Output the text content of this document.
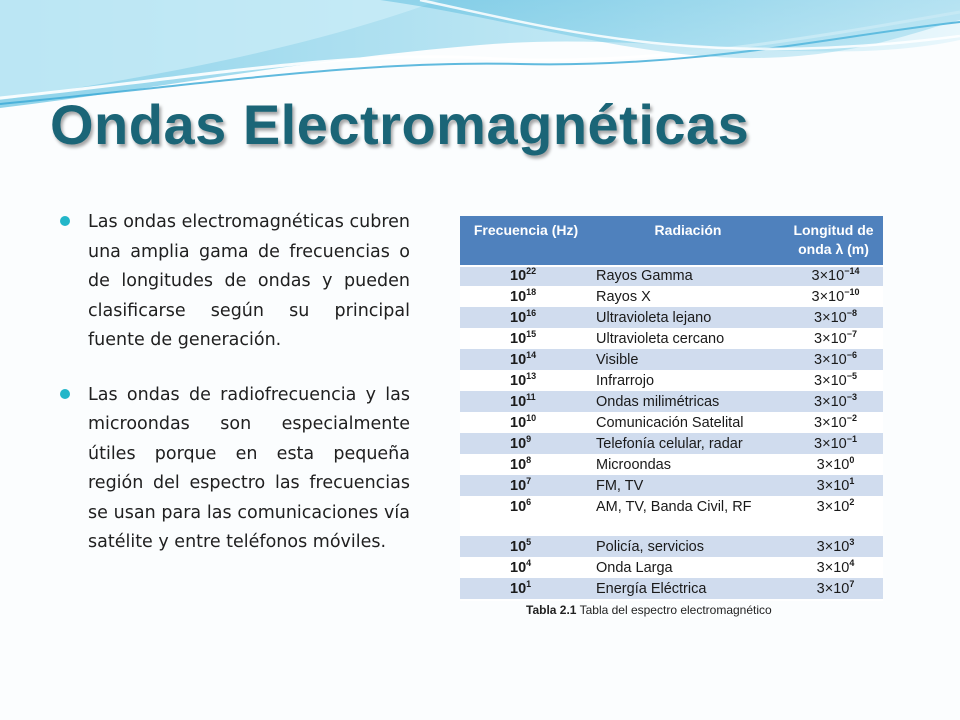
Ondas Electromagnéticas
Las ondas electromagnéticas cubren una amplia gama de frecuencias o de longitudes de ondas y pueden clasificarse según su principal fuente de generación.
Las ondas de radiofrecuencia y las microondas son especialmente útiles porque en esta pequeña región del espectro las frecuencias se usan para las comunicaciones vía satélite y entre teléfonos móviles.
Frecuencia (Hz)	Radiación	Longitud de onda λ (m)
$10^{22}$	Rayos Gamma	$3\times 10^{-14}$
$10^{18}$	Rayos X	$3\times 10^{-10}$
$10^{16}$	Ultravioleta lejano	$3\times 10^{-8}$
$10^{15}$	Ultravioleta cercano	$3\times 10^{-7}$
$10^{14}$	Visible	$3\times 10^{-6}$
$10^{13}$	Infrarrojo	$3\times 10^{-5}$
$10^{11}$	Ondas milimétricas	$3\times 10^{-3}$
$10^{10}$	Comunicación Satelital	$3\times 10^{-2}$
$10^9$	Telefonía celular, radar	$3\times 10^{-1}$
$10^8$	Microondas	$3\times 10^0$
$10^7$	FM, TV	$3\times 10^1$
$10^6$	AM, TV, Banda Civil, RF	$3\times 10^2$
$10^5$	Policía, servicios	$3\times 10^3$
$10^4$	Onda Larga	$3\times 10^4$
$10^1$	Energía Eléctrica	$3\times 10^7$
Tabla 2.1 Tabla del espectro electromagnético
